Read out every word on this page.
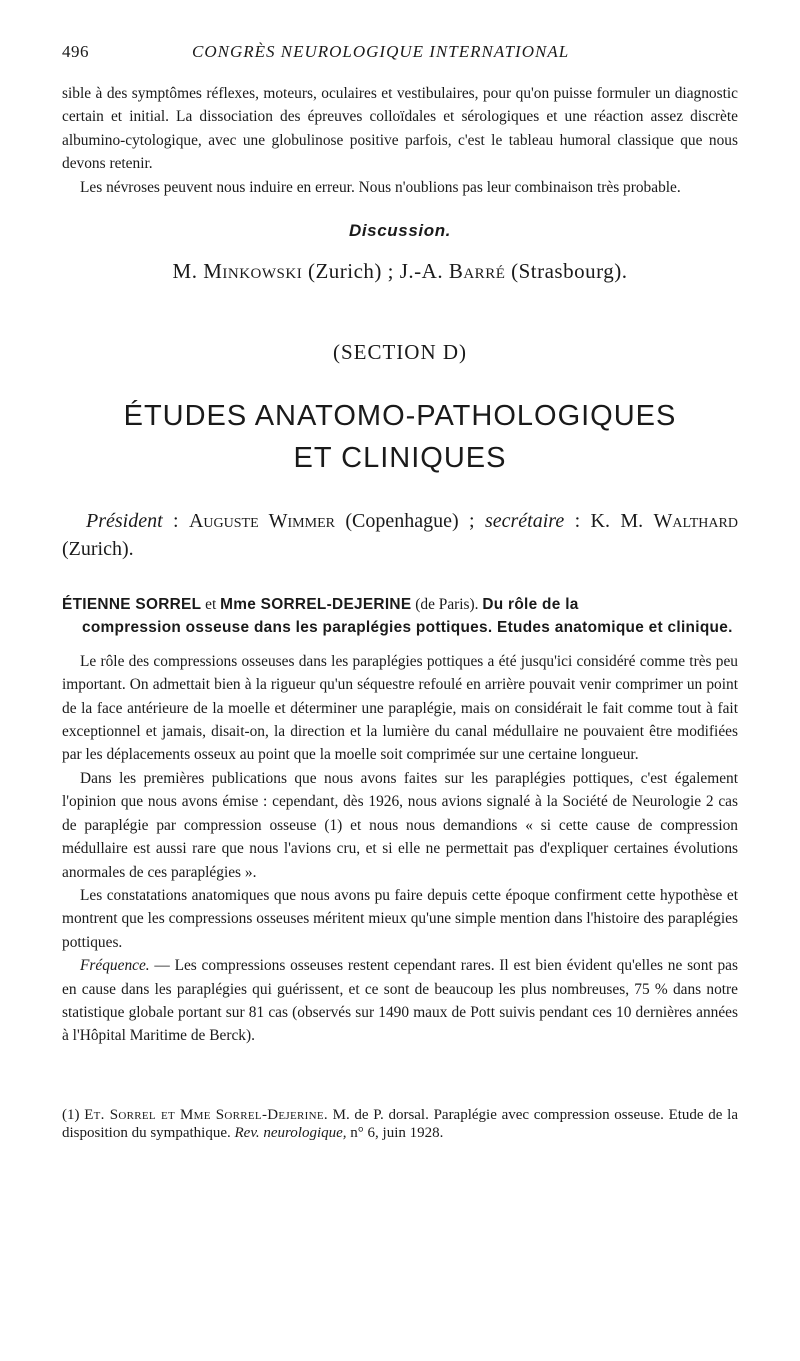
496	CONGRÈS NEUROLOGIQUE INTERNATIONAL

sible à des symptômes réflexes, moteurs, oculaires et vestibulaires, pour qu'on puisse formuler un diagnostic certain et initial. La dissociation des épreuves colloïdales et sérologiques et une réaction assez discrète albumino-cytologique, avec une globulinose positive parfois, c'est le tableau humoral classique que nous devons retenir.

Les névroses peuvent nous induire en erreur. Nous n'oublions pas leur combinaison très probable.

Discussion.
M. Minkowski (Zurich) ; J.-A. Barré (Strasbourg).
(SECTION D)
ÉTUDES ANATOMO-PATHOLOGIQUES
ET CLINIQUES
Président : Auguste Wimmer (Copenhague) ; secrétaire : K. M. Walthard (Zurich).
ÉTIENNE SORREL et Mme SORREL-DEJERINE (de Paris). Du rôle de la
compression osseuse dans les paraplégies pottiques. Etudes anatomique et clinique.

Le rôle des compressions osseuses dans les paraplégies pottiques a été jusqu'ici considéré comme très peu important. On admettait bien à la rigueur qu'un séquestre refoulé en arrière pouvait venir comprimer un point de la face antérieure de la moelle et déterminer une paraplégie, mais on considérait le fait comme tout à fait exceptionnel et jamais, disait-on, la direction et la lumière du canal médullaire ne pouvaient être modifiées par les déplacements osseux au point que la moelle soit comprimée sur une certaine longueur.

Dans les premières publications que nous avons faites sur les paraplégies pottiques, c'est également l'opinion que nous avons émise : cependant, dès 1926, nous avions signalé à la Société de Neurologie 2 cas de paraplégie par compression osseuse (1) et nous nous demandions « si cette cause de compression médullaire est aussi rare que nous l'avions cru, et si elle ne permettait pas d'expliquer certaines évolutions anormales de ces paraplégies ».

Les constatations anatomiques que nous avons pu faire depuis cette époque confirment cette hypothèse et montrent que les compressions osseuses méritent mieux qu'une simple mention dans l'histoire des paraplégies pottiques.

Fréquence. — Les compressions osseuses restent cependant rares. Il est bien évident qu'elles ne sont pas en cause dans les paraplégies qui guérissent, et ce sont de beaucoup les plus nombreuses, 75 % dans notre statistique globale portant sur 81 cas (observés sur 1490 maux de Pott suivis pendant ces 10 dernières années à l'Hôpital Maritime de Berck).

(1) Et. Sorrel et Mme Sorrel-Dejerine. M. de P. dorsal. Paraplégie avec compression osseuse. Etude de la disposition du sympathique. Rev. neurologique, n° 6, juin 1928.
